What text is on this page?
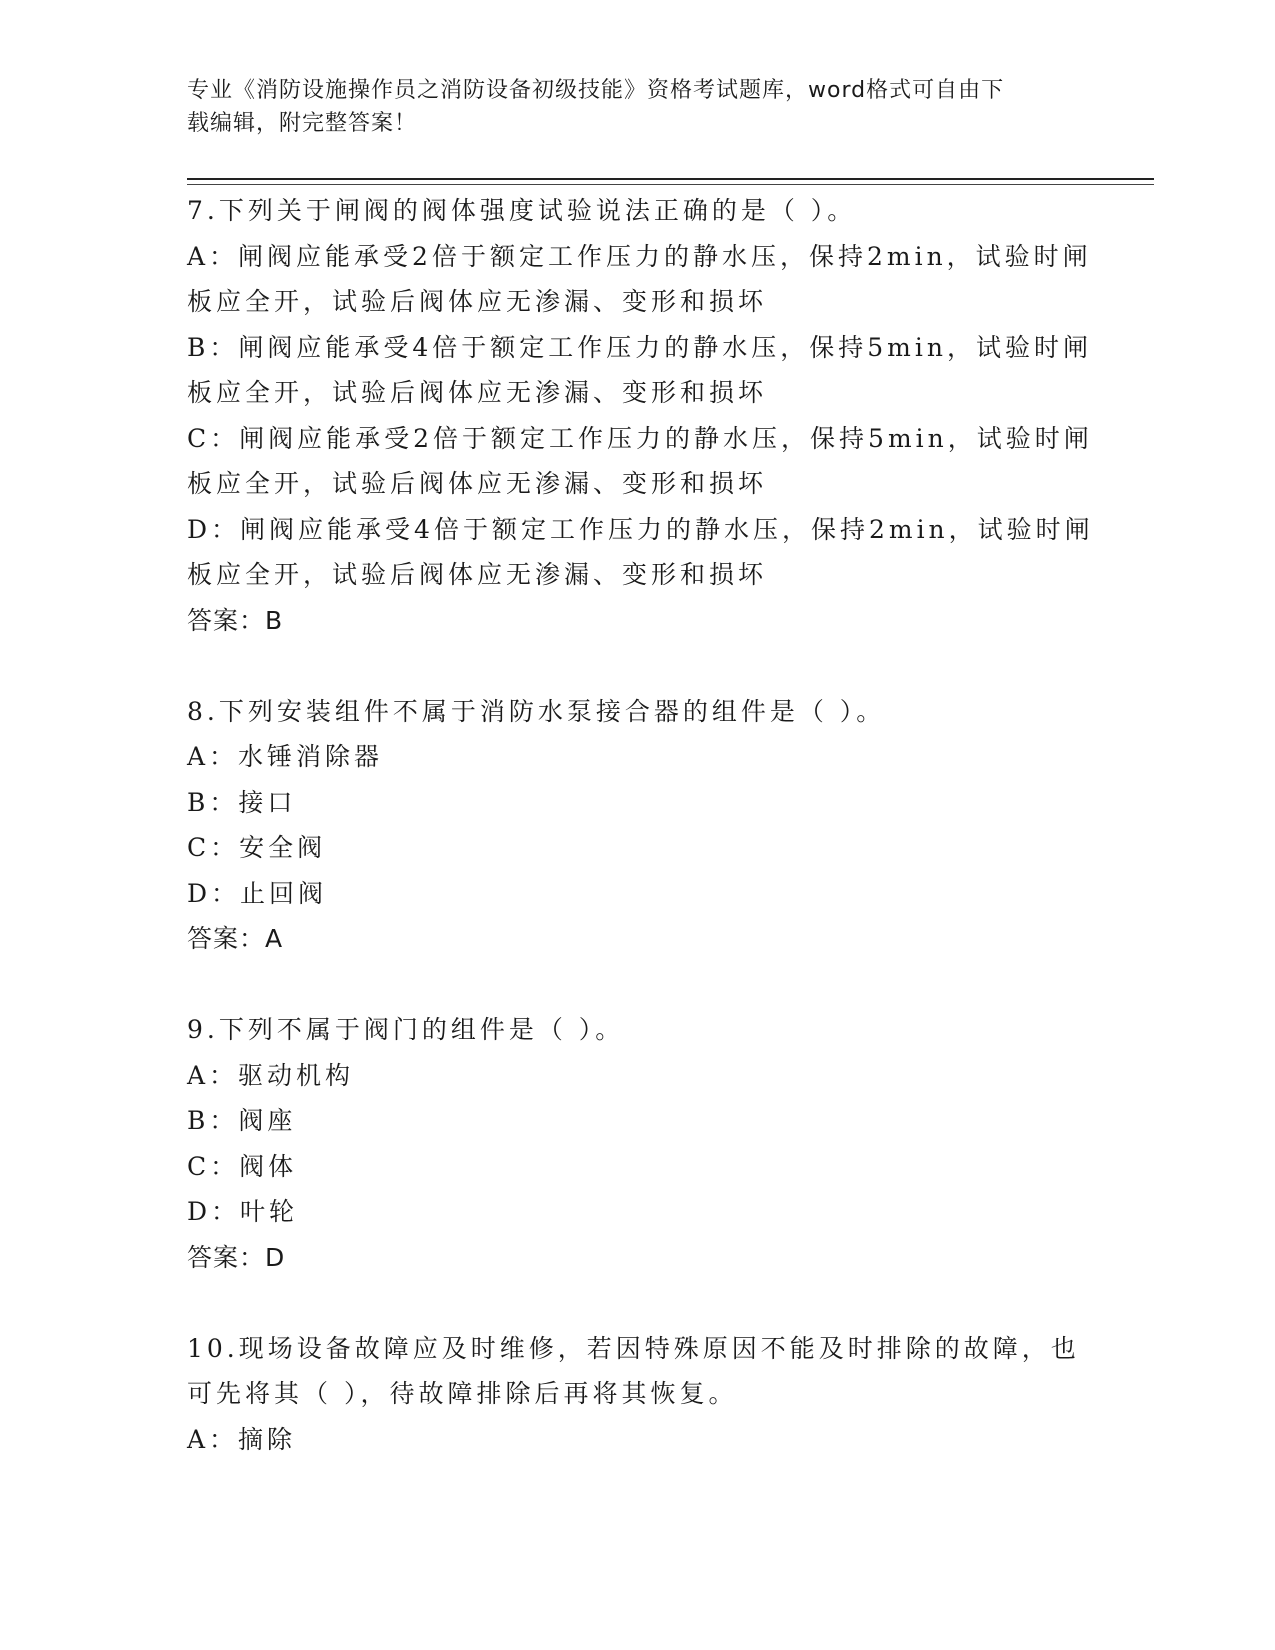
专业《消防设施操作员之消防设备初级技能》资格考试题库，word格式可自由下
载编辑，附完整答案！
7.下列关于闸阀的阀体强度试验说法正确的是（ ）。
A：闸阀应能承受2倍于额定工作压力的静水压，保持2min，试验时闸
板应全开，试验后阀体应无渗漏、变形和损坏
B：闸阀应能承受4倍于额定工作压力的静水压，保持5min，试验时闸
板应全开，试验后阀体应无渗漏、变形和损坏
C：闸阀应能承受2倍于额定工作压力的静水压，保持5min，试验时闸
板应全开，试验后阀体应无渗漏、变形和损坏
D：闸阀应能承受4倍于额定工作压力的静水压，保持2min，试验时闸
板应全开，试验后阀体应无渗漏、变形和损坏
答案：B
8.下列安装组件不属于消防水泵接合器的组件是（ ）。
A：水锤消除器
B：接口
C：安全阀
D：止回阀
答案：A
9.下列不属于阀门的组件是（ ）。
A：驱动机构
B：阀座
C：阀体
D：叶轮
答案：D
10.现场设备故障应及时维修，若因特殊原因不能及时排除的故障，也
可先将其（ ），待故障排除后再将其恢复。
A：摘除
